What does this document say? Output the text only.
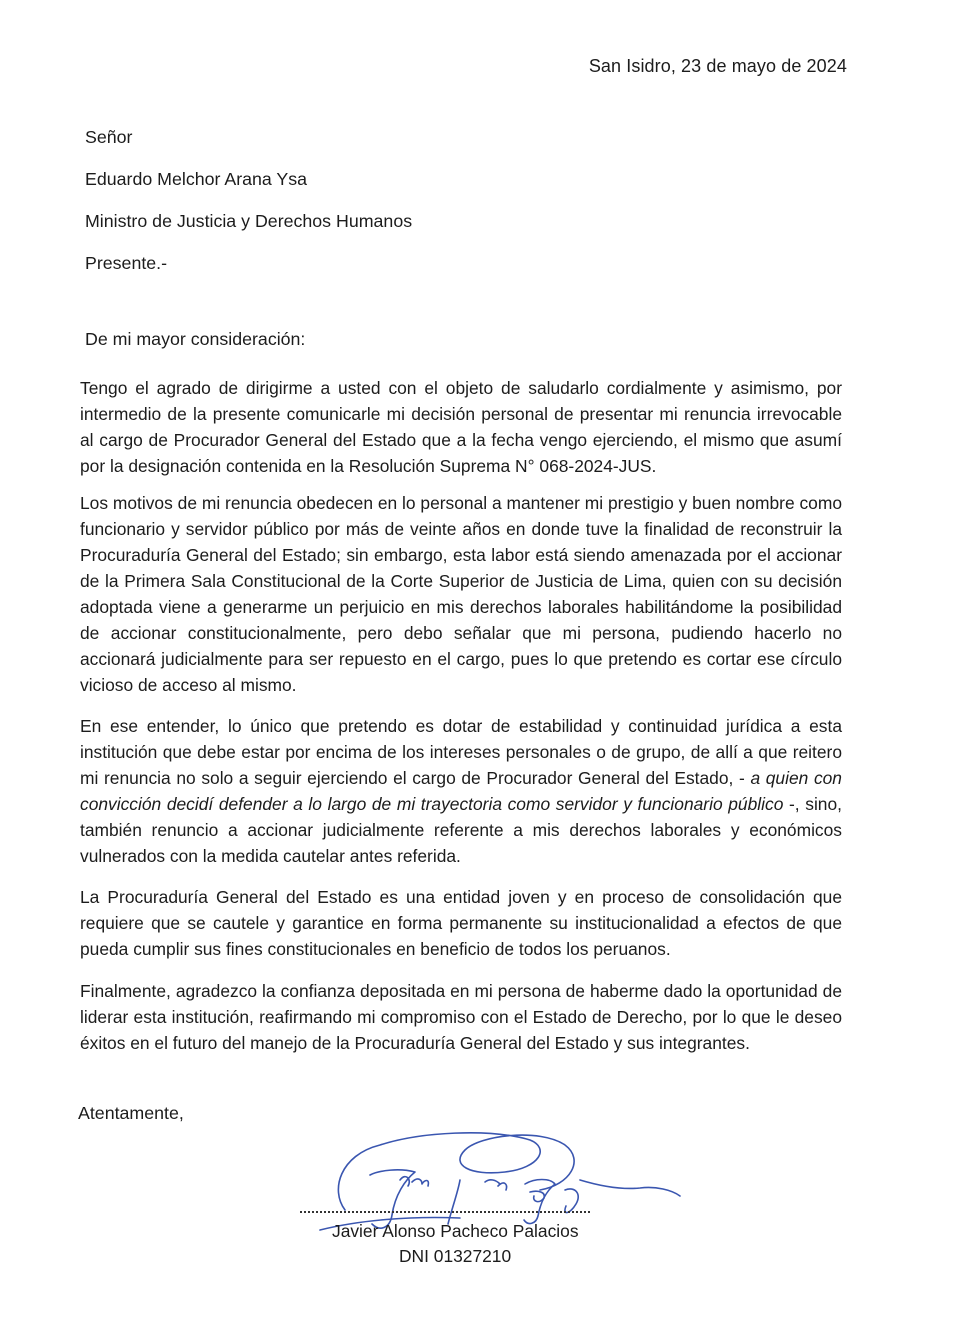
San Isidro, 23 de mayo de 2024
Señor
Eduardo Melchor Arana Ysa
Ministro de Justicia y Derechos Humanos
Presente.-
De mi mayor consideración:

Tengo el agrado de dirigirme a usted con el objeto de saludarlo cordialmente y asimismo, por intermedio de la presente comunicarle mi decisión personal de presentar mi renuncia irrevocable al cargo de Procurador General del Estado que a la fecha vengo ejerciendo, el mismo que asumí por la designación contenida en la Resolución Suprema N° 068-2024-JUS.

Los motivos de mi renuncia obedecen en lo personal a mantener mi prestigio y buen nombre como funcionario y servidor público por más de veinte años en donde tuve la finalidad de reconstruir la Procuraduría General del Estado; sin embargo, esta labor está siendo amenazada por el accionar de la Primera Sala Constitucional de la Corte Superior de Justicia de Lima, quien con su decisión adoptada viene a generarme un perjuicio en mis derechos laborales habilitándome la posibilidad de accionar constitucionalmente, pero debo señalar que mi persona, pudiendo hacerlo no accionará judicialmente para ser repuesto en el cargo, pues lo que pretendo es cortar ese círculo vicioso de acceso al mismo.

En ese entender, lo único que pretendo es dotar de estabilidad y continuidad jurídica a esta institución que debe estar por encima de los intereses personales o de grupo, de allí a que reitero mi renuncia no solo a seguir ejerciendo el cargo de Procurador General del Estado, - a quien con convicción decidí defender a lo largo de mi trayectoria como servidor y funcionario público -, sino, también renuncio a accionar judicialmente referente a mis derechos laborales y económicos vulnerados con la medida cautelar antes referida.

La Procuraduría General del Estado es una entidad joven y en proceso de consolidación que requiere que se cautele y garantice en forma permanente su institucionalidad a efectos de que pueda cumplir sus fines constitucionales en beneficio de todos los peruanos.

Finalmente, agradezco la confianza depositada en mi persona de haberme dado la oportunidad de liderar esta institución, reafirmando mi compromiso con el Estado de Derecho, por lo que le deseo éxitos en el futuro del manejo de la Procuraduría General del Estado y sus integrantes.

Atentamente,
Javier Alonso Pacheco Palacios
DNI 01327210
